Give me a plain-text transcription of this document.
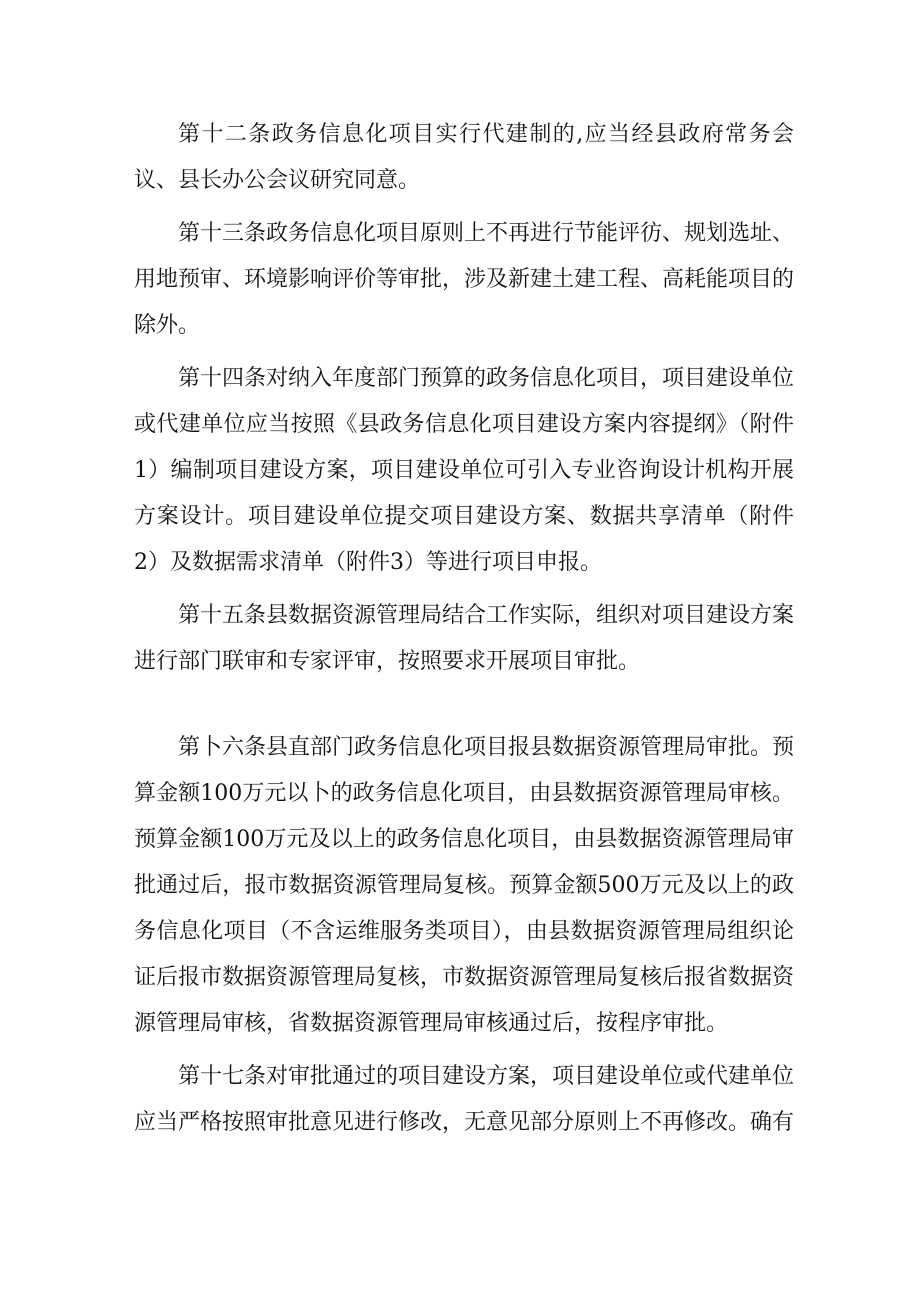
第十二条政务信息化项目实行代建制的,应当经县政府常务会议、县长办公会议研究同意。

第十三条政务信息化项目原则上不再进行节能评彷、规划选址、用地预审、环境影响评价等审批，涉及新建土建工程、高耗能项目的除外。

第十四条对纳入年度部门预算的政务信息化项目，项目建设单位或代建单位应当按照《县政务信息化项目建设方案内容提纲》（附件1）编制项目建设方案，项目建设单位可引入专业咨询设计机构开展方案设计。项目建设单位提交项目建设方案、数据共享清单（附件2）及数据需求清单（附件3）等进行项目申报。

第十五条县数据资源管理局结合工作实际，组织对项目建设方案进行部门联审和专家评审，按照要求开展项目审批。

第卜六条县直部门政务信息化项目报县数据资源管理局审批。预算金额100万元以卜的政务信息化项目，由县数据资源管理局审核。预算金额100万元及以上的政务信息化项目，由县数据资源管理局审批通过后，报市数据资源管理局复核。预算金额500万元及以上的政务信息化项目（不含运维服务类项目），由县数据资源管理局组织论证后报市数据资源管理局复核，市数据资源管理局复核后报省数据资源管理局审核，省数据资源管理局审核通过后，按程序审批。

第十七条对审批通过的项目建设方案，项目建设单位或代建单位应当严格按照审批意见进行修改，无意见部分原则上不再修改。确有
